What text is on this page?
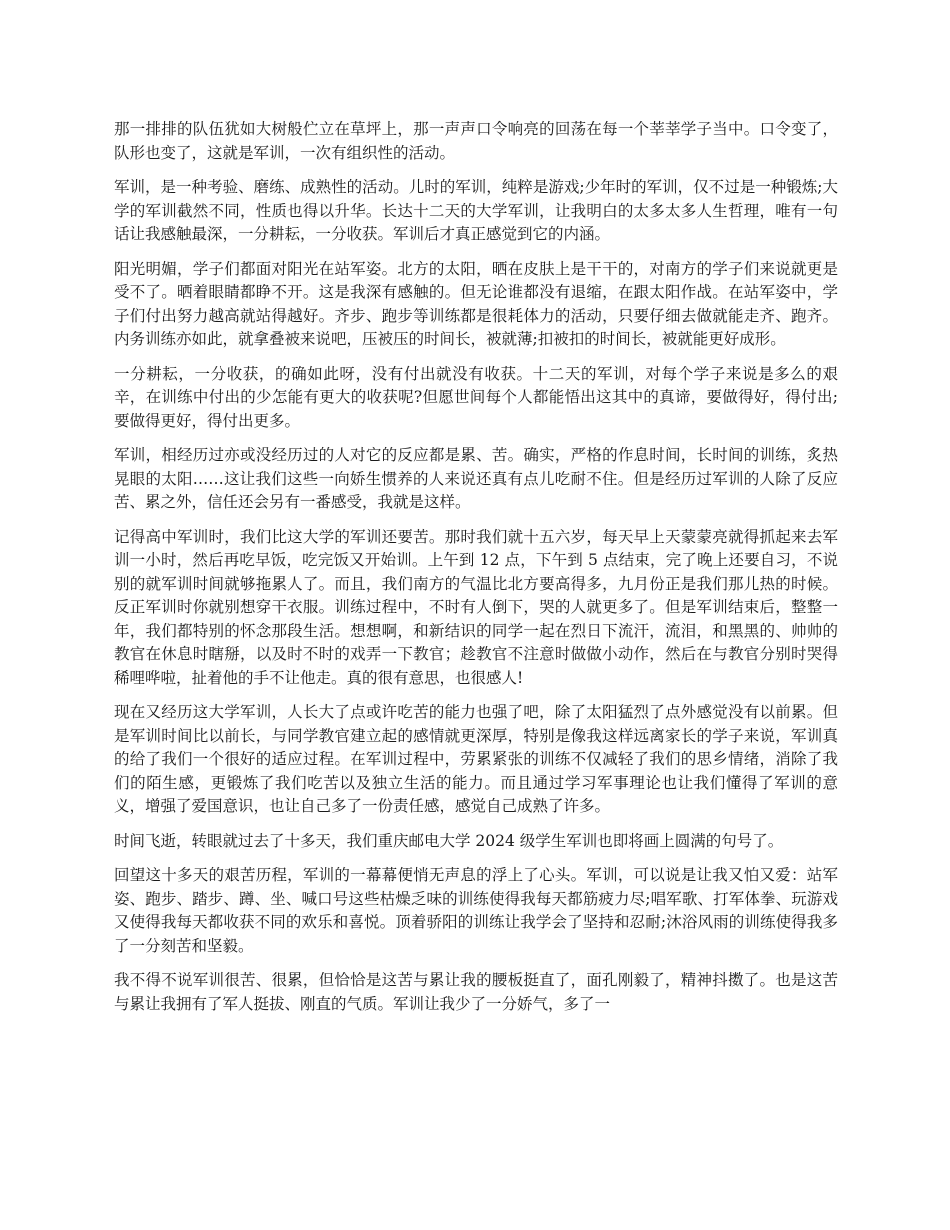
那一排排的队伍犹如大树般伫立在草坪上，那一声声口令响亮的回荡在每一个莘莘学子当中。口令变了，队形也变了，这就是军训，一次有组织性的活动。

军训，是一种考验、磨练、成熟性的活动。儿时的军训，纯粹是游戏;少年时的军训，仅不过是一种锻炼;大学的军训截然不同，性质也得以升华。长达十二天的大学军训，让我明白的太多太多人生哲理，唯有一句话让我感触最深，一分耕耘，一分收获。军训后才真正感觉到它的内涵。

阳光明媚，学子们都面对阳光在站军姿。北方的太阳，晒在皮肤上是干干的，对南方的学子们来说就更是受不了。晒着眼睛都睁不开。这是我深有感触的。但无论谁都没有退缩，在跟太阳作战。在站军姿中，学子们付出努力越高就站得越好。齐步、跑步等训练都是很耗体力的活动，只要仔细去做就能走齐、跑齐。内务训练亦如此，就拿叠被来说吧，压被压的时间长，被就薄;扣被扣的时间长，被就能更好成形。

一分耕耘，一分收获，的确如此呀，没有付出就没有收获。十二天的军训，对每个学子来说是多么的艰辛，在训练中付出的少怎能有更大的收获呢?但愿世间每个人都能悟出这其中的真谛，要做得好，得付出;要做得更好，得付出更多。

军训，相经历过亦或没经历过的人对它的反应都是累、苦。确实，严格的作息时间，长时间的训练，炙热晃眼的太阳……这让我们这些一向娇生惯养的人来说还真有点儿吃耐不住。但是经历过军训的人除了反应苦、累之外，信任还会另有一番感受，我就是这样。

记得高中军训时，我们比这大学的军训还要苦。那时我们就十五六岁，每天早上天蒙蒙亮就得抓起来去军训一小时，然后再吃早饭，吃完饭又开始训。上午到 12 点，下午到 5 点结束，完了晚上还要自习，不说别的就军训时间就够拖累人了。而且，我们南方的气温比北方要高得多，九月份正是我们那儿热的时候。反正军训时你就别想穿干衣服。训练过程中，不时有人倒下，哭的人就更多了。但是军训结束后，整整一年，我们都特别的怀念那段生活。想想啊，和新结识的同学一起在烈日下流汗，流泪，和黑黑的、帅帅的教官在休息时瞎掰，以及时不时的戏弄一下教官；趁教官不注意时做做小动作，然后在与教官分别时哭得稀哩哗啦，扯着他的手不让他走。真的很有意思，也很感人!

现在又经历这大学军训，人长大了点或许吃苦的能力也强了吧，除了太阳猛烈了点外感觉没有以前累。但是军训时间比以前长，与同学教官建立起的感情就更深厚，特别是像我这样远离家长的学子来说，军训真的给了我们一个很好的适应过程。在军训过程中，劳累紧张的训练不仅减轻了我们的思乡情绪，消除了我们的陌生感，更锻炼了我们吃苦以及独立生活的能力。而且通过学习军事理论也让我们懂得了军训的意义，增强了爱国意识，也让自己多了一份责任感，感觉自己成熟了许多。

时间飞逝，转眼就过去了十多天，我们重庆邮电大学 2024 级学生军训也即将画上圆满的句号了。

回望这十多天的艰苦历程，军训的一幕幕便悄无声息的浮上了心头。军训，可以说是让我又怕又爱：站军姿、跑步、踏步、蹲、坐、喊口号这些枯燥乏味的训练使得我每天都筋疲力尽;唱军歌、打军体拳、玩游戏又使得我每天都收获不同的欢乐和喜悦。顶着骄阳的训练让我学会了坚持和忍耐;沐浴风雨的训练使得我多了一分刻苦和坚毅。

我不得不说军训很苦、很累，但恰恰是这苦与累让我的腰板挺直了，面孔刚毅了，精神抖擞了。也是这苦与累让我拥有了军人挺拔、刚直的气质。军训让我少了一分娇气，多了一
